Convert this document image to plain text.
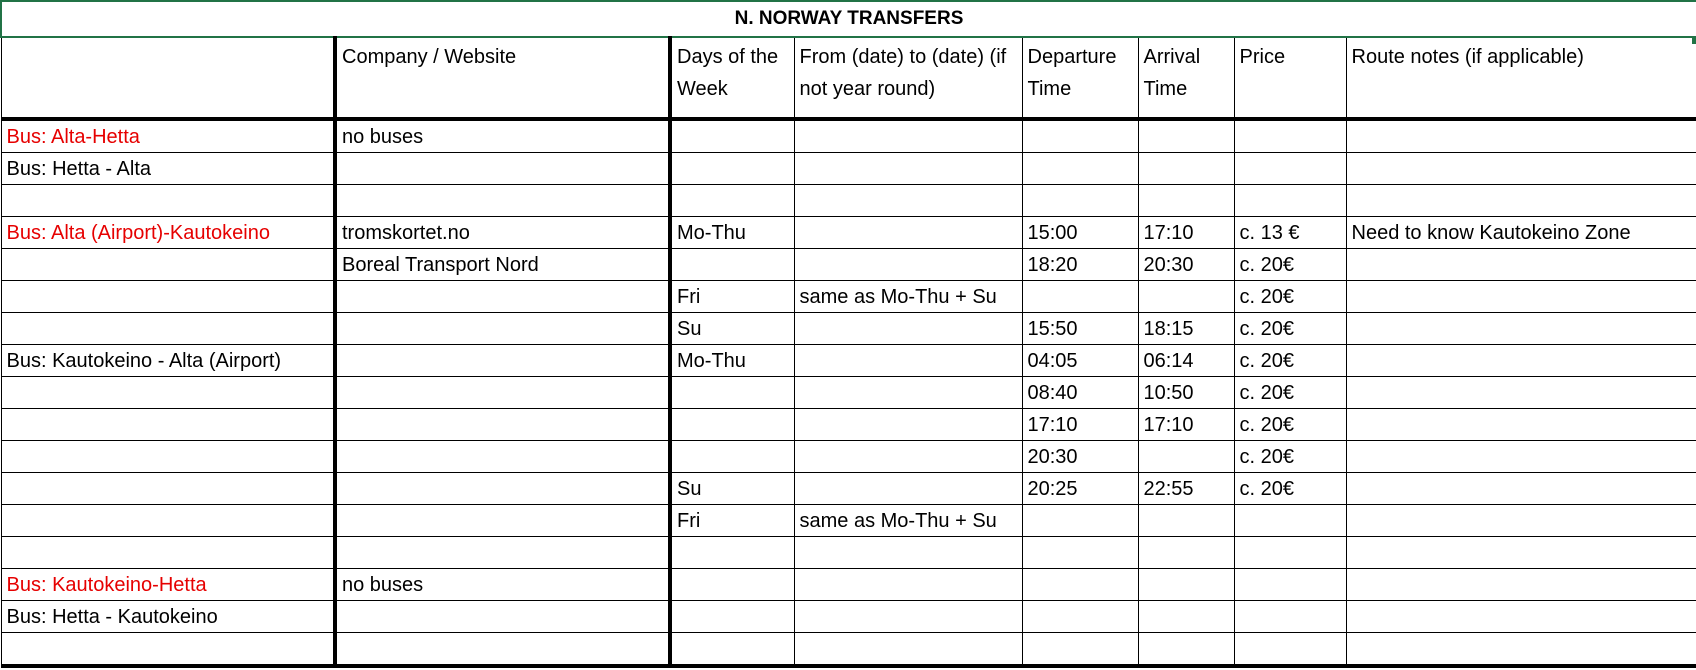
N. NORWAY TRANSFERS							
	Company / Website	Days of the Week	From (date) to (date) (if not year round)	Departure Time	Arrival Time	Price	Route notes (if applicable)
Bus: Alta-Hetta	no buses						
Bus: Hetta - Alta							

Bus: Alta (Airport)-Kautokeino	tromskortet.no	Mo-Thu		15:00	17:10	c. 13 €	Need to know Kautokeino Zone
	Boreal Transport Nord			18:20	20:30	c. 20€	
		Fri	same as Mo-Thu + Su			c. 20€	
		Su		15:50	18:15	c. 20€	
Bus: Kautokeino - Alta (Airport)		Mo-Thu		04:05	06:14	c. 20€	
				08:40	10:50	c. 20€	
				17:10	17:10	c. 20€	
				20:30		c. 20€	
		Su		20:25	22:55	c. 20€	
		Fri	same as Mo-Thu + Su				

Bus: Kautokeino-Hetta	no buses						
Bus: Hetta - Kautokeino							
